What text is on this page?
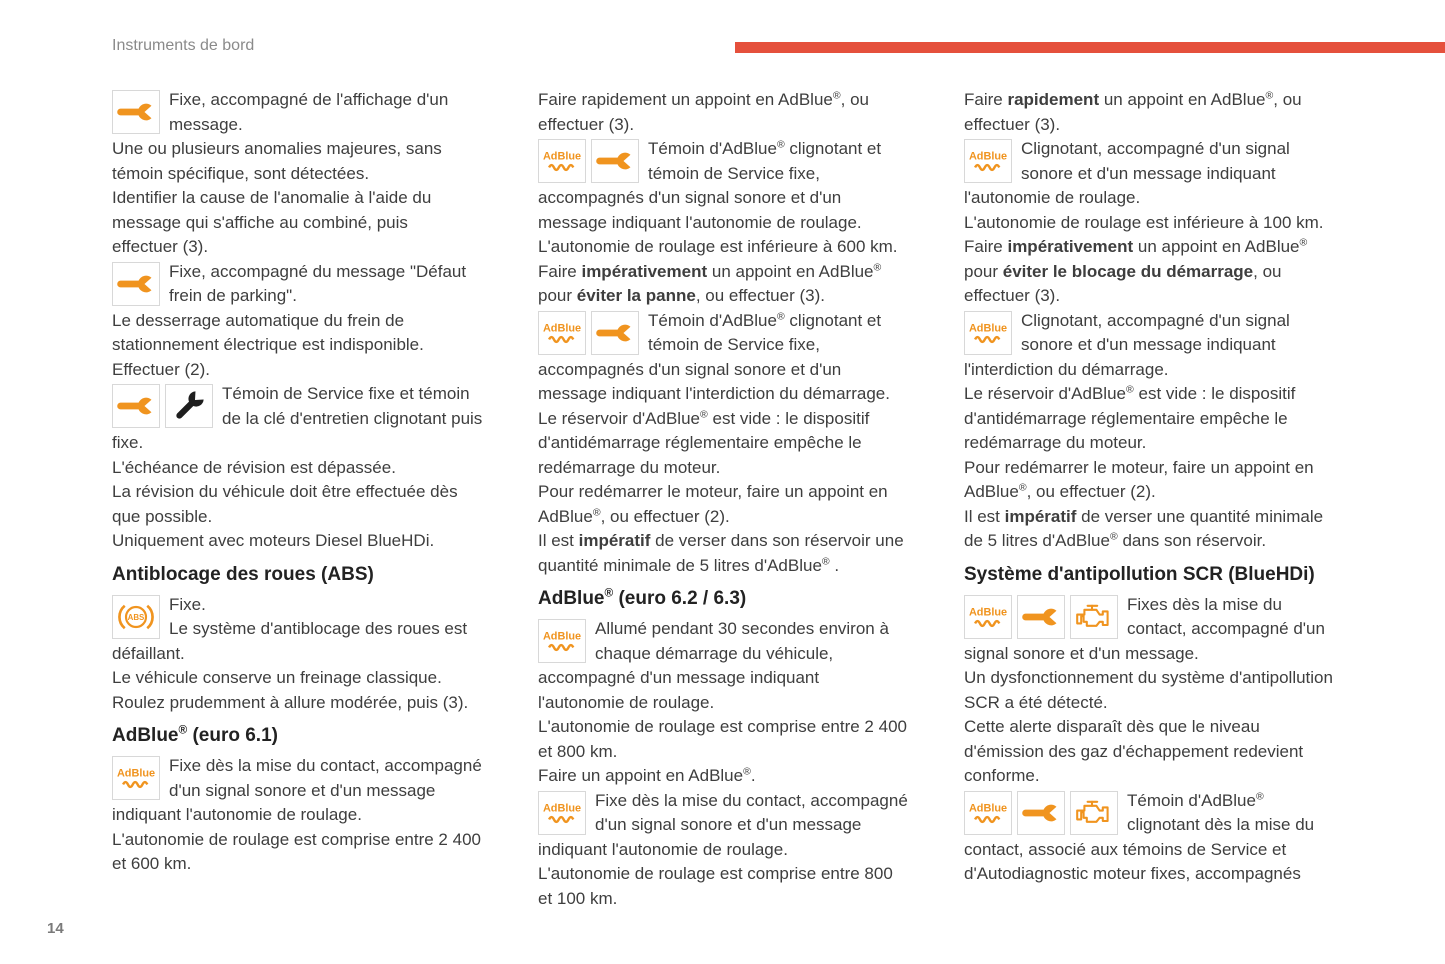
Instruments de bord
Fixe, accompagné de l'affichage d'un
message.

Une ou plusieurs anomalies majeures, sans
témoin spécifique, sont détectées.

Identifier la cause de l'anomalie à l'aide du
message qui s'affiche au combiné, puis
effectuer (3).

Fixe, accompagné du message "Défaut
frein de parking".

Le desserrage automatique du frein de
stationnement électrique est indisponible.

Effectuer (2).

Témoin de Service fixe et témoin
de la clé d'entretien clignotant puis
fixe.

L'échéance de révision est dépassée.

La révision du véhicule doit être effectuée dès
que possible.

Uniquement avec moteurs Diesel BlueHDi.

Antiblocage des roues (ABS)
ABS
Fixe.
Le système d'antiblocage des roues est
défaillant.

Le véhicule conserve un freinage classique.

Roulez prudemment à allure modérée, puis (3).

AdBlue® (euro 6.1)
AdBlue Fixe dès la mise du contact, accompagné
d'un signal sonore et d'un message
indiquant l'autonomie de roulage.

L'autonomie de roulage est comprise entre 2 400
et 600 km.

Faire rapidement un appoint en AdBlue®, ou
effectuer (3).

AdBlue	Témoin d'AdBlue® clignotant et
témoin de Service fixe,
accompagnés d'un signal sonore et d'un
message indiquant l'autonomie de roulage.

L'autonomie de roulage est inférieure à 600 km.

Faire impérativement un appoint en AdBlue®
pour éviter la panne, ou effectuer (3).

AdBlue	Témoin d'AdBlue® clignotant et
témoin de Service fixe,
accompagnés d'un signal sonore et d'un
message indiquant l'interdiction du démarrage.

Le réservoir d'AdBlue® est vide : le dispositif
d'antidémarrage réglementaire empêche le
redémarrage du moteur.

Pour redémarrer le moteur, faire un appoint en
AdBlue®, ou effectuer (2).

Il est impératif de verser dans son réservoir une
quantité minimale de 5 litres d'AdBlue® .

AdBlue® (euro 6.2 / 6.3)
AdBlue Allumé pendant 30 secondes environ à
chaque démarrage du véhicule,
accompagné d'un message indiquant
l'autonomie de roulage.

L'autonomie de roulage est comprise entre 2 400
et 800 km.

Faire un appoint en AdBlue®.

AdBlue Fixe dès la mise du contact, accompagné
d'un signal sonore et d'un message
indiquant l'autonomie de roulage.

L'autonomie de roulage est comprise entre 800
et 100 km.

Faire rapidement un appoint en AdBlue®, ou
effectuer (3).

AdBlue Clignotant, accompagné d'un signal
sonore et d'un message indiquant
l'autonomie de roulage.

L'autonomie de roulage est inférieure à 100 km.

Faire impérativement un appoint en AdBlue®
pour éviter le blocage du démarrage, ou
effectuer (3).

AdBlue Clignotant, accompagné d'un signal
sonore et d'un message indiquant
l'interdiction du démarrage.

Le réservoir d'AdBlue® est vide : le dispositif
d'antidémarrage réglementaire empêche le
redémarrage du moteur.

Pour redémarrer le moteur, faire un appoint en
AdBlue®, ou effectuer (2).

Il est impératif de verser une quantité minimale
de 5 litres d'AdBlue® dans son réservoir.

Système d'antipollution SCR (BlueHDi)
AdBlue	Fixes dès la mise du
contact, accompagné d'un
signal sonore et d'un message.

Un dysfonctionnement du système d'antipollution
SCR a été détecté.

Cette alerte disparaît dès que le niveau
d'émission des gaz d'échappement redevient
conforme.

AdBlue	Témoin d'AdBlue®
clignotant dès la mise du
contact, associé aux témoins de Service et
d'Autodiagnostic moteur fixes, accompagnés
14
